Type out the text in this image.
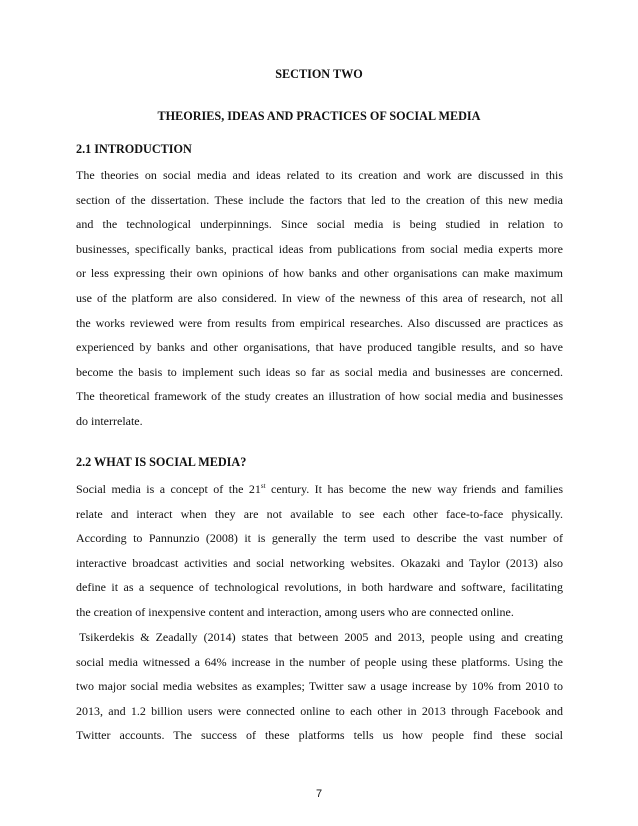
SECTION TWO

THEORIES, IDEAS AND PRACTICES OF SOCIAL MEDIA

2.1 INTRODUCTION

The theories on social media and ideas related to its creation and work are discussed in this
section of the dissertation. These include the factors that led to the creation of this new media
and the technological underpinnings. Since social media is being studied in relation to
businesses, specifically banks, practical ideas from publications from social media experts more
or less expressing their own opinions of how banks and other organisations can make maximum
use of the platform are also considered. In view of the newness of this area of research, not all
the works reviewed were from results from empirical researches. Also discussed are practices as
experienced by banks and other organisations, that have produced tangible results, and so have
become the basis to implement such ideas so far as social media and businesses are concerned.
The theoretical framework of the study creates an illustration of how social media and businesses
do interrelate.

2.2 WHAT IS SOCIAL MEDIA?

Social media is a concept of the 21st century. It has become the new way friends and families
relate and interact when they are not available to see each other face-to-face physically.
According to Pannunzio (2008) it is generally the term used to describe the vast number of
interactive broadcast activities and social networking websites. Okazaki and Taylor (2013) also
define it as a sequence of technological revolutions, in both hardware and software, facilitating
the creation of inexpensive content and interaction, among users who are connected online.
Tsikerdekis & Zeadally (2014) states that between 2005 and 2013, people using and creating
social media witnessed a 64% increase in the number of people using these platforms. Using the
two major social media websites as examples; Twitter saw a usage increase by 10% from 2010 to
2013, and 1.2 billion users were connected online to each other in 2013 through Facebook and
Twitter accounts. The success of these platforms tells us how people find these social
7
